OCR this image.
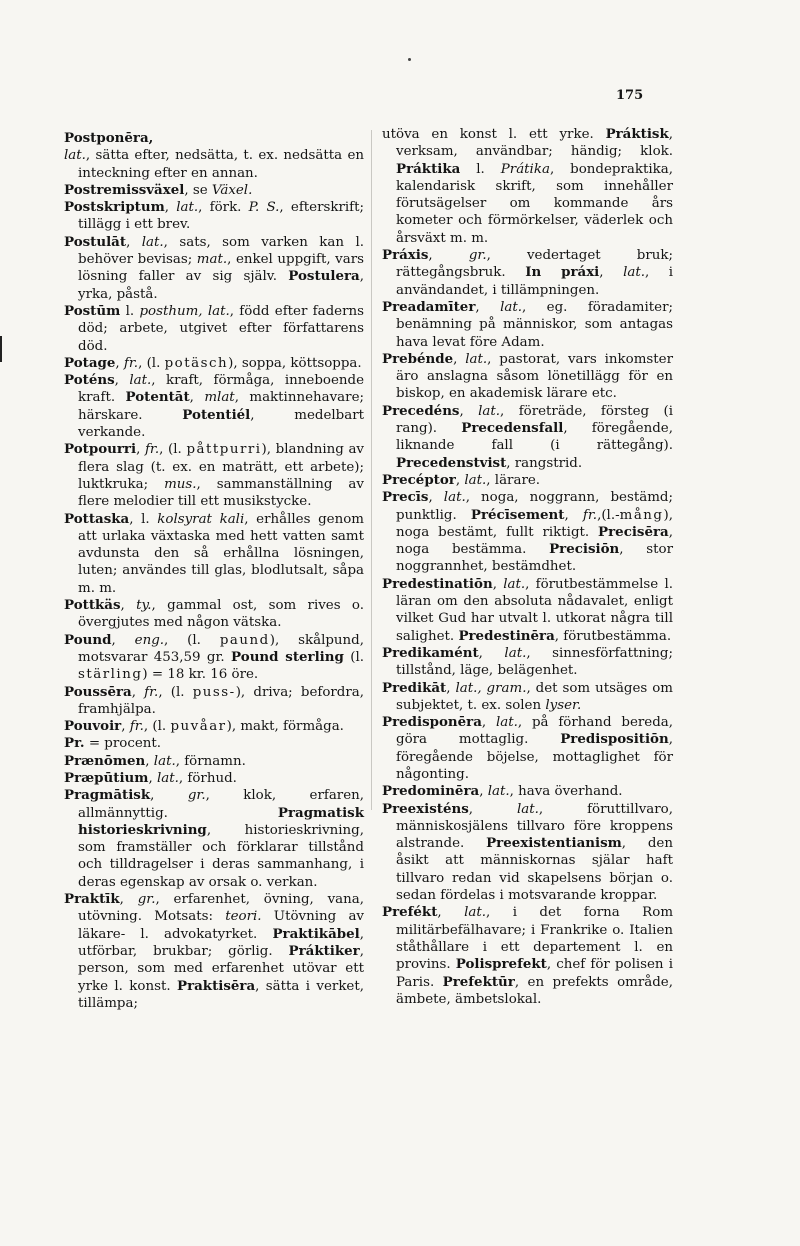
175

Postponēra,

lat., sätta efter, nedsätta, t. ex. nedsätta en inteckning efter en annan.

Postremissväxel, se Växel.

Postskriptum, lat., förk. P. S., efterskrift; tillägg i ett brev.

Postulāt, lat., sats, som varken kan l. behöver bevisas; mat., enkel uppgift, vars lösning faller av sig själv. Postulera, yrka, påstå.

Postūm l. posthum, lat., född efter faderns död; arbete, utgivet efter författarens död.

Potage, fr., (l. potäsch), soppa, köttsoppa.

Poténs, lat., kraft, förmåga, inneboende kraft. Potentāt, mlat, maktinnehavare; härskare. Potentiél, medelbart verkande.

Potpourri, fr., (l. påttpurri), blandning av flera slag (t. ex. en maträtt, ett arbete); luktkruka; mus., sammanställning av flere melodier till ett musikstycke.

Pottaska, l. kolsyrat kali, erhålles genom att urlaka växtaska med hett vatten samt avdunsta den så erhållna lösningen, luten; användes till glas, blodlutsalt, såpa m. m.

Pottkäs, ty., gammal ost, som rives o. övergjutes med någon vätska.

Pound, eng., (l. paund), skålpund, motsvarar 453,59 gr. Pound sterling (l. stärling) = 18 kr. 16 öre.

Poussēra, fr., (l. puss-), driva; befordra, framhjälpa.

Pouvoir, fr., (l. puvåar), makt, förmåga.

Pr. = procent.

Prænōmen, lat., förnamn.

Præpūtium, lat., förhud.

Pragmātisk, gr., klok, erfaren, allmännyttig. Pragmatisk historieskrivning, historieskrivning, som framställer och förklarar tillstånd och tilldragelser i deras sammanhang, i deras egenskap av orsak o. verkan.

Praktīk, gr., erfarenhet, övning, vana, utövning. Motsats: teori. Utövning av läkare- l. advokatyrket. Praktikābel, utförbar, brukbar; görlig. Práktiker, person, som med erfarenhet utövar ett yrke l. konst. Praktisēra, sätta i verket, tillämpa;

utöva en konst l. ett yrke. Práktisk, verksam, användbar; händig; klok. Práktika l. Prátika, bondepraktika, kalendarisk skrift, som innehåller förutsägelser om kommande års kometer och förmörkelser, väderlek och årsväxt m. m.

Práxis, gr., vedertaget bruk; rättegångsbruk. In práxi, lat., i användandet, i tillämpningen.

Preadamīter, lat., eg. föradamiter; benämning på människor, som antagas hava levat före Adam.

Prebénde, lat., pastorat, vars inkomster äro anslagna såsom lönetillägg för en biskop, en akademisk lärare etc.

Precedéns, lat., företräde, försteg (i rang). Precedensfall, föregående, liknande fall (i rättegång). Precedenstvist, rangstrid.

Precéptor, lat., lärare.

Precīs, lat., noga, noggrann, bestämd; punktlig. Précīsement, fr.,(l.-mång), noga bestämt, fullt riktigt. Precisēra, noga bestämma. Precisiōn, stor noggrannhet, bestämdhet.

Predestinatiōn, lat., förutbestämmelse l. läran om den absoluta nådavalet, enligt vilket Gud har utvalt l. utkorat några till salighet. Predestinēra, förutbestämma.

Predikamént, lat., sinnesförfattning; tillstånd, läge, belägenhet.

Predikāt, lat., gram., det som utsäges om subjektet, t. ex. solen lyser.

Predisponēra, lat., på förhand bereda, göra mottaglig. Predispositiōn, föregående böjelse, mottaglighet för någonting.

Predominēra, lat., hava överhand.

Preexisténs, lat., föruttillvaro, människosjälens tillvaro före kroppens alstrande. Preexistentianism, den åsikt att människornas själar haft tillvaro redan vid skapelsens början o. sedan fördelas i motsvarande kroppar.

Prefékt, lat., i det forna Rom militärbefälhavare; i Frankrike o. Italien ståthållare i ett departement l. en provins. Polisprefekt, chef för polisen i Paris. Prefektūr, en prefekts område, ämbete, ämbetslokal.
